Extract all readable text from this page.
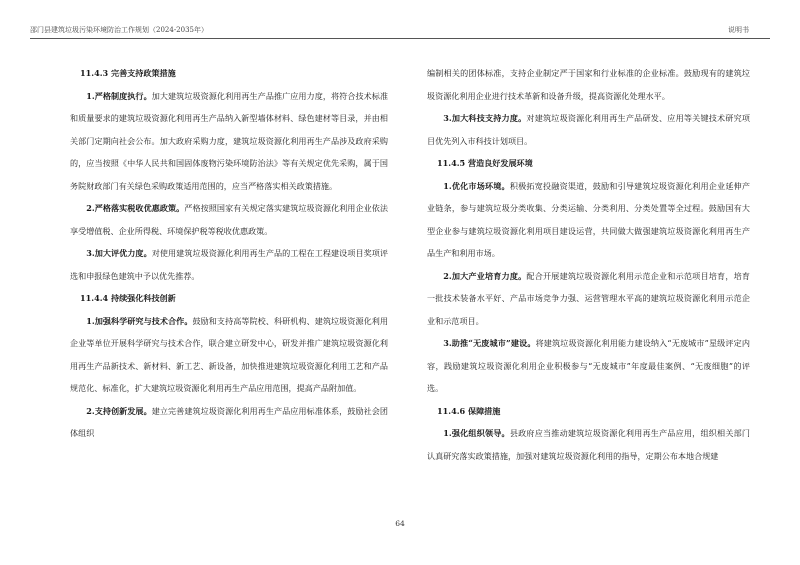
邵门县建筑垃圾污染环境防治工作规划（2024-2035年）	说明书

11.4.3 完善支持政策措施

  1.严格制度执行。加大建筑垃圾资源化利用再生产品推广应用力度，将符合技术标准和质量要求的建筑垃圾资源化利用再生产品纳入新型墙体材料、绿色建材等目录，并由相关部门定期向社会公布。加大政府采购力度，建筑垃圾资源化利用再生产品涉及政府采购的，应当按照《中华人民共和国固体废物污染环境防治法》等有关规定优先采购，属于国务院财政部门有关绿色采购政策适用范围的，应当严格落实相关政策措施。

  2.严格落实税收优惠政策。严格按照国家有关规定落实建筑垃圾资源化利用企业依法享受增值税、企业所得税、环境保护税等税收优惠政策。

  3.加大评优力度。对使用建筑垃圾资源化利用再生产品的工程在工程建设项目奖项评选和申报绿色建筑中予以优先推荐。

11.4.4 持续强化科技创新

  1.加强科学研究与技术合作。鼓励和支持高等院校、科研机构、建筑垃圾资源化利用企业等单位开展科学研究与技术合作，联合建立研发中心，研发并推广建筑垃圾资源化利用再生产品新技术、新材料、新工艺、新设备，加快推进建筑垃圾资源化利用工艺和产品规范化、标准化，扩大建筑垃圾资源化利用再生产品应用范围，提高产品附加值。

  2.支持创新发展。建立完善建筑垃圾资源化利用再生产品应用标准体系，鼓励社会团体组织

编制相关的团体标准，支持企业制定严于国家和行业标准的企业标准。鼓励现有的建筑垃圾资源化利用企业进行技术革新和设备升级，提高资源化处理水平。

  3.加大科技支持力度。对建筑垃圾资源化利用再生产品研发、应用等关键技术研究项目优先列入市科技计划项目。

11.4.5 营造良好发展环境

  1.优化市场环境。积极拓宽投融资渠道，鼓励和引导建筑垃圾资源化利用企业延伸产业链条，参与建筑垃圾分类收集、分类运输、分类利用、分类处置等全过程。鼓励国有大型企业参与建筑垃圾资源化利用项目建设运营，共同做大做强建筑垃圾资源化利用再生产品生产和利用市场。

  2.加大产业培育力度。配合开展建筑垃圾资源化利用示范企业和示范项目培育，培育一批技术装备水平好、产品市场竞争力强、运营管理水平高的建筑垃圾资源化利用示范企业和示范项目。

  3.助推“无废城市”建设。将建筑垃圾资源化利用能力建设纳入“无废城市”星级评定内容，践励建筑垃圾资源化利用企业积极参与“无废城市”年度最佳案例、“无废细胞”的评选。

11.4.6 保障措施

  1.强化组织领导。县政府应当推动建筑垃圾资源化利用再生产品应用，组织相关部门认真研究落实政策措施，加强对建筑垃圾资源化利用的指导，定期公布本地合规建

64
